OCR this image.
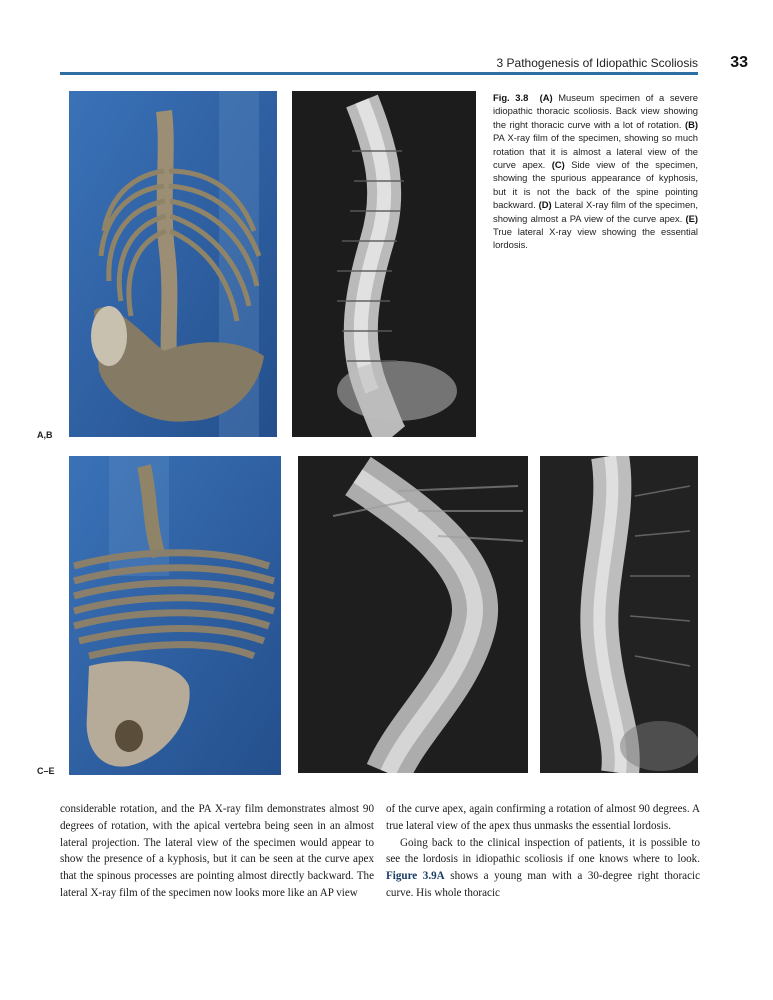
3 Pathogenesis of Idiopathic Scoliosis	33
A,B
Fig. 3.8 (A) Museum specimen of a severe idiopathic thoracic scoliosis. Back view showing the right thoracic curve with a lot of rotation. (B) PA X-ray film of the specimen, showing so much rotation that it is almost a lateral view of the curve apex. (C) Side view of the specimen, showing the spurious appearance of kyphosis, but it is not the back of the spine pointing backward. (D) Lateral X-ray film of the specimen, showing almost a PA view of the curve apex. (E) True lateral X-ray view showing the essential lordosis.
C–E

considerable rotation, and the PA X-ray film demonstrates almost 90 degrees of rotation, with the apical vertebra being seen in an almost lateral projection. The lateral view of the specimen would appear to show the presence of a kyphosis, but it can be seen at the curve apex that the spinous processes are pointing almost directly backward. The lateral X-ray film of the specimen now looks more like an AP view

of the curve apex, again confirming a rotation of almost 90 degrees. A true lateral view of the apex thus unmasks the essential lordosis.

Going back to the clinical inspection of patients, it is possible to see the lordosis in idiopathic scoliosis if one knows where to look. Figure 3.9A shows a young man with a 30-degree right thoracic curve. His whole thoracic
